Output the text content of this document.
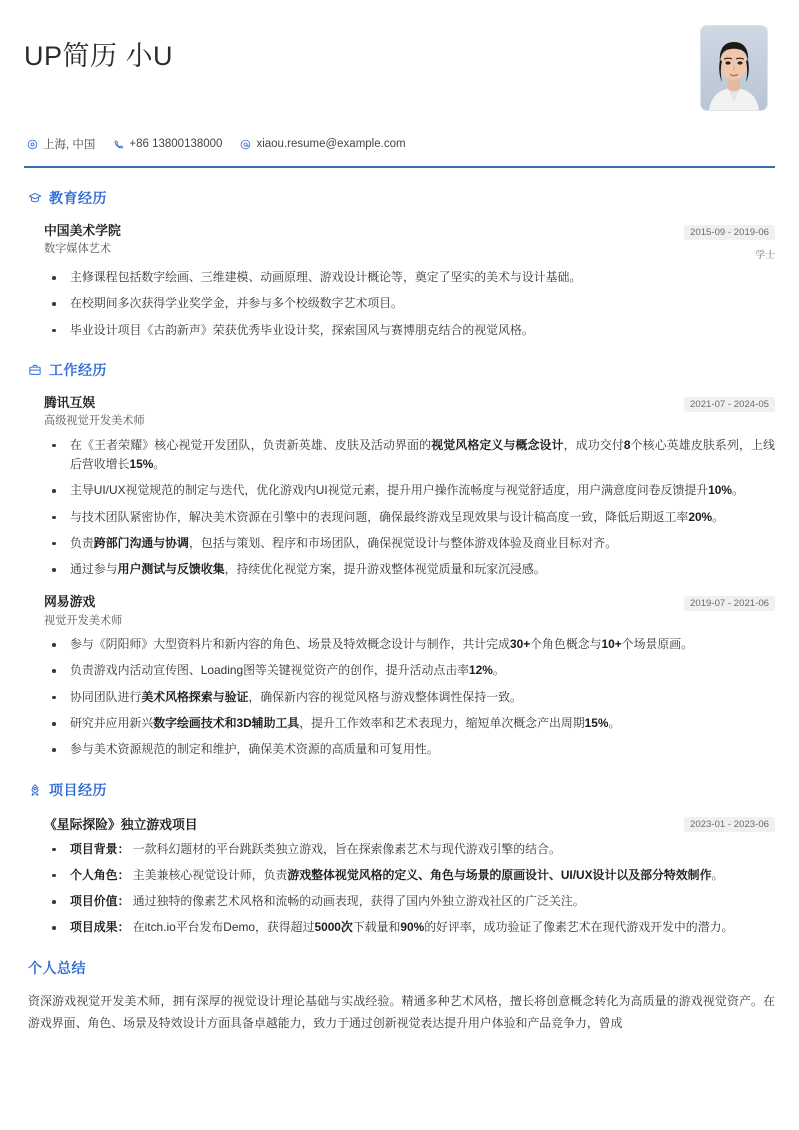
UP简历 小U
上海, 中国	+86 13800138000	xiaou.resume@example.com
教育经历
中国美术学院
数字媒体艺术
2015-09 - 2019-06
学士
主修课程包括数字绘画、三维建模、动画原理、游戏设计概论等，奠定了坚实的美术与设计基础。
在校期间多次获得学业奖学金，并参与多个校级数字艺术项目。
毕业设计项目《古韵新声》荣获优秀毕业设计奖，探索国风与赛博朋克结合的视觉风格。
工作经历
腾讯互娱
高级视觉开发美术师
2021-07 - 2024-05
在《王者荣耀》核心视觉开发团队，负责新英雄、皮肤及活动界面的视觉风格定义与概念设计，成功交付8个核心英雄皮肤系列，上线后营收增长15%。
主导UI/UX视觉规范的制定与迭代，优化游戏内UI视觉元素，提升用户操作流畅度与视觉舒适度，用户满意度问卷反馈提升10%。
与技术团队紧密协作，解决美术资源在引擎中的表现问题，确保最终游戏呈现效果与设计稿高度一致，降低后期返工率20%。
负责跨部门沟通与协调，包括与策划、程序和市场团队，确保视觉设计与整体游戏体验及商业目标对齐。
通过参与用户测试与反馈收集，持续优化视觉方案，提升游戏整体视觉质量和玩家沉浸感。
网易游戏
视觉开发美术师
2019-07 - 2021-06
参与《阴阳师》大型资料片和新内容的角色、场景及特效概念设计与制作，共计完成30+个角色概念与10+个场景原画。
负责游戏内活动宣传图、Loading图等关键视觉资产的创作，提升活动点击率12%。
协同团队进行美术风格探索与验证，确保新内容的视觉风格与游戏整体调性保持一致。
研究并应用新兴数字绘画技术和3D辅助工具，提升工作效率和艺术表现力，缩短单次概念产出周期15%。
参与美术资源规范的制定和维护，确保美术资源的高质量和可复用性。
项目经历
《星际探险》独立游戏项目	2023-01 - 2023-06
项目背景： 一款科幻题材的平台跳跃类独立游戏，旨在探索像素艺术与现代游戏引擎的结合。
个人角色： 主美兼核心视觉设计师，负责游戏整体视觉风格的定义、角色与场景的原画设计、UI/UX设计以及部分特效制作。
项目价值： 通过独特的像素艺术风格和流畅的动画表现，获得了国内外独立游戏社区的广泛关注。
项目成果： 在itch.io平台发布Demo，获得超过5000次下载量和90%的好评率，成功验证了像素艺术在现代游戏开发中的潜力。
个人总结
资深游戏视觉开发美术师，拥有深厚的视觉设计理论基础与实战经验。精通多种艺术风格，擅长将创意概念转化为高质量的游戏视觉资产。在游戏界面、角色、场景及特效设计方面具备卓越能力，致力于通过创新视觉表达提升用户体验和产品竞争力，曾成
